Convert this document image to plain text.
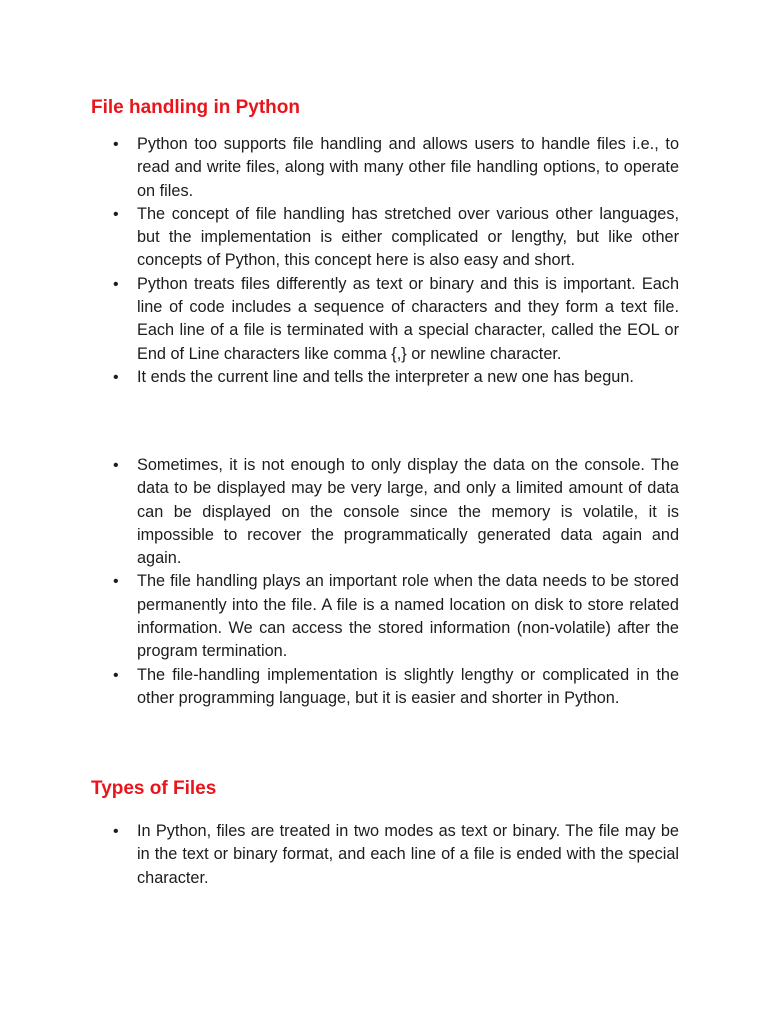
File handling in Python
•	Python too supports file handling and allows users to handle files i.e., to read and write files, along with many other file handling options, to operate on files.
•	The concept of file handling has stretched over various other languages, but the implementation is either complicated or lengthy, but like other concepts of Python, this concept here is also easy and short.
•	Python treats files differently as text or binary and this is important. Each line of code includes a sequence of characters and they form a text file. Each line of a file is terminated with a special character, called the EOL or End of Line characters like comma {,} or newline character.
•	It ends the current line and tells the interpreter a new one has begun.
•	Sometimes, it is not enough to only display the data on the console. The data to be displayed may be very large, and only a limited amount of data can be displayed on the console since the memory is volatile, it is impossible to recover the programmatically generated data again and again.
•	The file handling plays an important role when the data needs to be stored permanently into the file. A file is a named location on disk to store related information. We can access the stored information (non-volatile) after the program termination.
•	The file-handling implementation is slightly lengthy or complicated in the other programming language, but it is easier and shorter in Python.
Types of Files
•	In Python, files are treated in two modes as text or binary. The file may be in the text or binary format, and each line of a file is ended with the special character.
